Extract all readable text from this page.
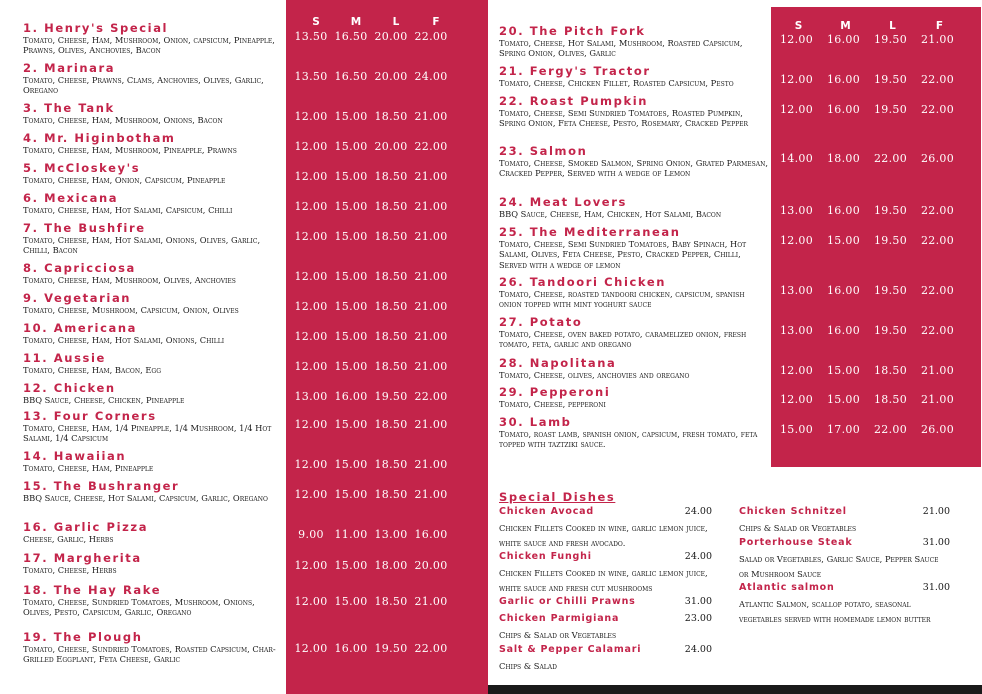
S	M	L	F	S	M	L	F
1. Henry's Special
Tomato, Cheese, Ham, Mushroom, Onion, capsicum, Pineapple, Prawns, Olives, Anchovies, Bacon
13.50 16.50 20.00 22.00
2. Marinara
Tomato, Cheese, Prawns, Clams, Anchovies, Olives, Garlic, Oregano
13.50 16.50 20.00 24.00
3. The Tank
Tomato, Cheese, Ham, Mushroom, Onions, Bacon	12.00 15.00 18.50 21.00
4. Mr. Higinbotham
Tomato, Cheese, Ham, Mushroom, Pineapple, Prawns	12.00 15.00 20.00 22.00
5. McCloskey's
Tomato, Cheese, Ham, Onion, Capsicum, Pineapple	12.00 15.00 18.50 21.00
6. Mexicana
Tomato, Cheese, Ham, Hot Salami, Capsicum, Chilli	12.00 15.00 18.50 21.00
7. The Bushfire
Tomato, Cheese, Ham, Hot Salami, Onions, Olives, Garlic, Chilli, Bacon
12.00 15.00 18.50 21.00
8. Capricciosa
Tomato, Cheese, Ham, Mushroom, Olives, Anchovies	12.00 15.00 18.50 21.00
9. Vegetarian
Tomato, Cheese, Mushroom, Capsicum, Onion, Olives	12.00 15.00 18.50 21.00
10. Americana
Tomato, Cheese, Ham, Hot Salami, Onions, Chilli	12.00 15.00 18.50 21.00
11. Aussie
Tomato, Cheese, Ham, Bacon, Egg	12.00 15.00 18.50 21.00
12. Chicken
BBQ Sauce, Cheese, Chicken, Pineapple	13.00 16.00 19.50 22.00
13. Four Corners
Tomato, Cheese, Ham, 1/4 Pineapple, 1/4 Mushroom, 1/4 Hot Salami, 1/4 Capsicum
12.00 15.00 18.50 21.00
14. Hawaiian
Tomato, Cheese, Ham, Pineapple	12.00 15.00 18.50 21.00
15. The Bushranger
BBQ Sauce, Cheese, Hot Salami, Capsicum, Garlic, Oregano	12.00 15.00 18.50 21.00
16. Garlic Pizza
Cheese, Garlic, Herbs	9.00 11.00 13.00 16.00
17. Margherita
Tomato, Cheese, Herbs	12.00 15.00 18.00 20.00
18. The Hay Rake
Tomato, Cheese, Sundried Tomatoes, Mushroom, Onions, Olives, Pesto, Capsicum, Garlic, Oregano
12.00 15.00 18.50 21.00
19. The Plough
Tomato, Cheese, Sundried Tomatoes, Roasted Capsicum, Char-Grilled Eggplant, Feta Cheese, Garlic
12.00 16.00 19.50 22.00
20. The Pitch Fork
Tomato, Cheese, Hot Salami, Mushroom, Roasted Capsicum, Spring Onion, Olives, Garlic
12.00	16.00	19.50	21.00
21. Fergy's Tractor
Tomato, Cheese, Chicken Fillet, Roasted Capsicum, Pesto	12.00	16.00	19.50	22.00
22. Roast Pumpkin
Tomato, Cheese, Semi Sundried Tomatoes, Roasted Pumpkin, Spring Onion, Feta Cheese, Pesto, Rosemary, Cracked Pepper
12.00	16.00	19.50	22.00
23. Salmon
Tomato, Cheese, Smoked Salmon, Spring Onion, Grated Parmesan, Cracked Pepper, Served with a wedge of Lemon
14.00	18.00	22.00	26.00
24. Meat Lovers
BBQ Sauce, Cheese, Ham, Chicken, Hot Salami, Bacon	13.00	16.00	19.50	22.00
25. The Mediterranean
Tomato, Cheese, Semi Sundried Tomatoes, Baby Spinach, Hot Salami, Olives, Feta Cheese, Pesto, Cracked Pepper, Chilli, Served with a wedge of lemon
12.00	15.00	19.50	22.00
26. Tandoori Chicken
Tomato, Cheese, roasted tandoori chicken, capsicum, spanish onion topped with mint yoghurt sauce
13.00	16.00	19.50	22.00
27. Potato
Tomato, Cheese, oven baked potato, caramelized onion, fresh tomato, feta, garlic and oregano
13.00	16.00	19.50	22.00
28. Napolitana
Tomato, Cheese, olives, anchovies and oregano	12.00	15.00	18.50	21.00
29. Pepperoni
Tomato, Cheese, pepperoni	12.00	15.00	18.50	21.00
30. Lamb
Tomato, roast lamb, spanish onion, capsicum, fresh tomato, feta topped with taztziki sauce.
15.00	17.00	22.00	26.00
Special Dishes
Chicken Avocad	24.00
Chicken Fillets Cooked in wine, garlic lemon juice, white sauce and fresh avocado.
Chicken Funghi	24.00
Chicken Fillets Cooked in wine, garlic lemon juice, white sauce and fresh cut mushrooms
Garlic or Chilli Prawns	31.00
Chicken Parmigiana	23.00
Chips & Salad or Vegetables
Salt & Pepper Calamari	24.00
Chips & Salad
Chicken Schnitzel	21.00
Chips & Salad or Vegetables
Porterhouse Steak	31.00
Salad or Vegetables, Garlic Sauce, Pepper Sauce or Mushroom Sauce
Atlantic salmon	31.00
Atlantic Salmon, scallop potato, seasonal vegetables served with homemade lemon butter
